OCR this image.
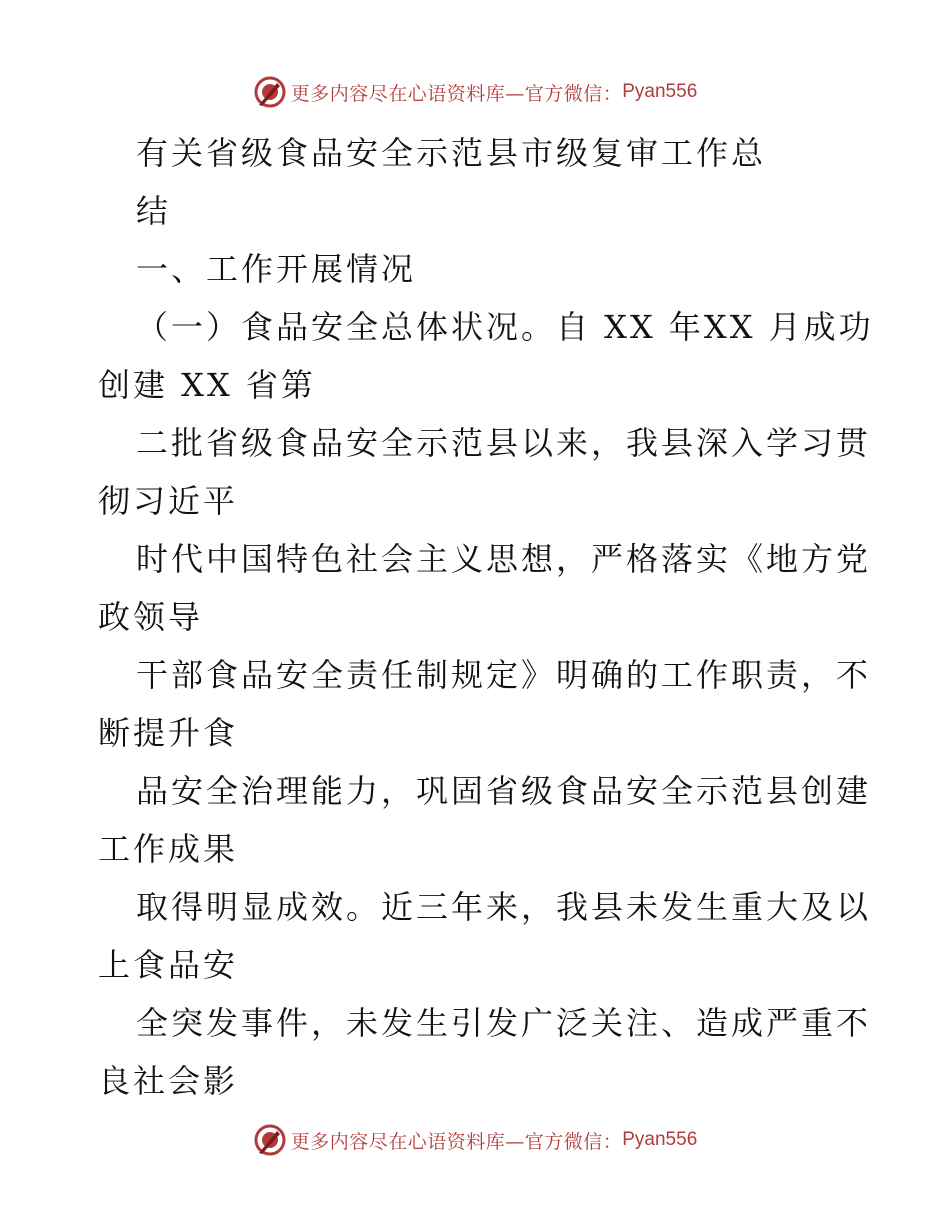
更多内容尽在心语资料库—官方微信： Pyan556
有关省级食品安全示范县市级复审工作总
结
一、工作开展情况
（一）食品安全总体状况。自 XX 年XX 月成功
创建 XX 省第
二批省级食品安全示范县以来，我县深入学习贯
彻习近平
时代中国特色社会主义思想，严格落实《地方党
政领导
干部食品安全责任制规定》明确的工作职责，不
断提升食
品安全治理能力，巩固省级食品安全示范县创建
工作成果
取得明显成效。近三年来，我县未发生重大及以
上食品安
全突发事件，未发生引发广泛关注、造成严重不
良社会影
更多内容尽在心语资料库—官方微信： Pyan556
